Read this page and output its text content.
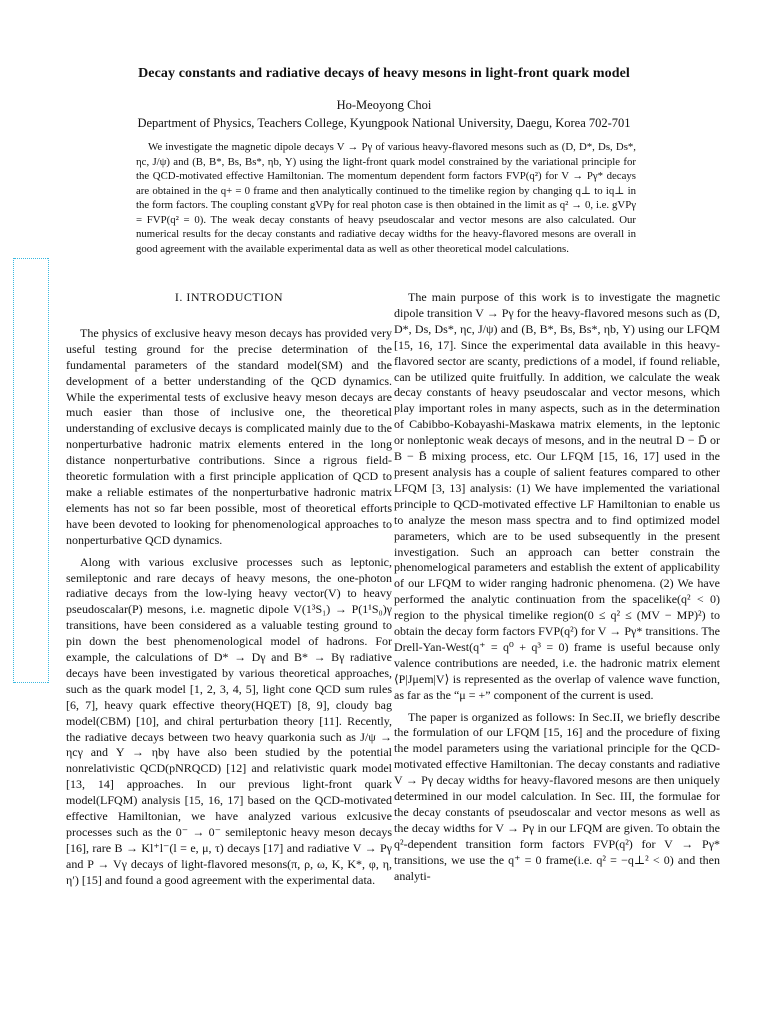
Decay constants and radiative decays of heavy mesons in light-front quark model
Ho-Meoyong Choi
Department of Physics, Teachers College, Kyungpook National University, Daegu, Korea 702-701

We investigate the magnetic dipole decays V → Pγ of various heavy-flavored mesons such as (D, D*, Ds, Ds*, ηc, J/ψ) and (B, B*, Bs, Bs*, ηb, Υ) using the light-front quark model constrained by the variational principle for the QCD-motivated effective Hamiltonian. The momentum dependent form factors FVP(q²) for V → Pγ* decays are obtained in the q+ = 0 frame and then analytically continued to the timelike region by changing q⊥ to iq⊥ in the form factors. The coupling constant gVPγ for real photon case is then obtained in the limit as q² → 0, i.e. gVPγ = FVP(q² = 0). The weak decay constants of heavy pseudoscalar and vector mesons are also calculated. Our numerical results for the decay constants and radiative decay widths for the heavy-flavored mesons are overall in good agreement with the available experimental data as well as other theoretical model calculations.

I. INTRODUCTION

The physics of exclusive heavy meson decays has provided very useful testing ground for the precise determination of the fundamental parameters of the standard model(SM) and the development of a better understanding of the QCD dynamics. While the experimental tests of exclusive heavy meson decays are much easier than those of inclusive one, the theoretical understanding of exclusive decays is complicated mainly due to the nonperturbative hadronic matrix elements entered in the long distance nonperturbative contributions. Since a rigrous field-theoretic formulation with a first principle application of QCD to make a reliable estimates of the nonperturbative hadronic matrix elements has not so far been possible, most of theoretical efforts have been devoted to looking for phenomenological approaches to nonperturbative QCD dynamics.

Along with various exclusive processes such as leptonic, semileptonic and rare decays of heavy mesons, the one-photon radiative decays from the low-lying heavy vector(V) to heavy pseudoscalar(P) mesons, i.e. magnetic dipole V(1³S₁) → P(1¹S₀)γ transitions, have been considered as a valuable testing ground to pin down the best phenomenological model of hadrons. For example, the calculations of D* → Dγ and B* → Bγ radiative decays have been investigated by various theoretical approaches, such as the quark model [1, 2, 3, 4, 5], light cone QCD sum rules [6, 7], heavy quark effective theory(HQET) [8, 9], cloudy bag model(CBM) [10], and chiral perturbation theory [11]. Recently, the radiative decays between two heavy quarkonia such as J/ψ → ηcγ and Υ → ηbγ have also been studied by the potential nonrelativistic QCD(pNRQCD) [12] and relativistic quark model [13, 14] approaches. In our previous light-front quark model(LFQM) analysis [15, 16, 17] based on the QCD-motivated effective Hamiltonian, we have analyzed various exlcusive processes such as the 0⁻ → 0⁻ semileptonic heavy meson decays [16], rare B → Kl⁺l⁻(l = e, μ, τ) decays [17] and radiative V → Pγ and P → Vγ decays of light-flavored mesons(π, ρ, ω, K, K*, φ, η, η′) [15] and found a good agreement with the experimental data.

The main purpose of this work is to investigate the magnetic dipole transition V → Pγ for the heavy-flavored mesons such as (D, D*, Ds, Ds*, ηc, J/ψ) and (B, B*, Bs, Bs*, ηb, Υ) using our LFQM [15, 16, 17]. Since the experimental data available in this heavy-flavored sector are scanty, predictions of a model, if found reliable, can be utilized quite fruitfully. In addition, we calculate the weak decay constants of heavy pseudoscalar and vector mesons, which play important roles in many aspects, such as in the determination of Cabibbo-Kobayashi-Maskawa matrix elements, in the leptonic or nonleptonic weak decays of mesons, and in the neutral D − D̄ or B − B̄ mixing process, etc. Our LFQM [15, 16, 17] used in the present analysis has a couple of salient features compared to other LFQM [3, 13] analysis: (1) We have implemented the variational principle to QCD-motivated effective LF Hamiltonian to enable us to analyze the meson mass spectra and to find optimized model parameters, which are to be used subsequently in the present investigation. Such an approach can better constrain the phenomelogical parameters and establish the extent of applicability of our LFQM to wider ranging hadronic phenomena. (2) We have performed the analytic continuation from the spacelike(q² < 0) region to the physical timelike region(0 ≤ q² ≤ (MV − MP)²) to obtain the decay form factors FVP(q²) for V → Pγ* transitions. The Drell-Yan-West(q⁺ = q⁰ + q³ = 0) frame is useful because only valence contributions are needed, i.e. the hadronic matrix element ⟨P|Jμem|V⟩ is represented as the overlap of valence wave function, as far as the “μ = +” component of the current is used.

The paper is organized as follows: In Sec.II, we briefly describe the formulation of our LFQM [15, 16] and the procedure of fixing the model parameters using the variational principle for the QCD-motivated effective Hamiltonian. The decay constants and radiative V → Pγ decay widths for heavy-flavored mesons are then uniquely determined in our model calculation. In Sec. III, the formulae for the decay constants of pseudoscalar and vector mesons as well as the decay widths for V → Pγ in our LFQM are given. To obtain the q²-dependent transition form factors FVP(q²) for V → Pγ* transitions, we use the q⁺ = 0 frame(i.e. q² = −q⊥² < 0) and then analyti-
